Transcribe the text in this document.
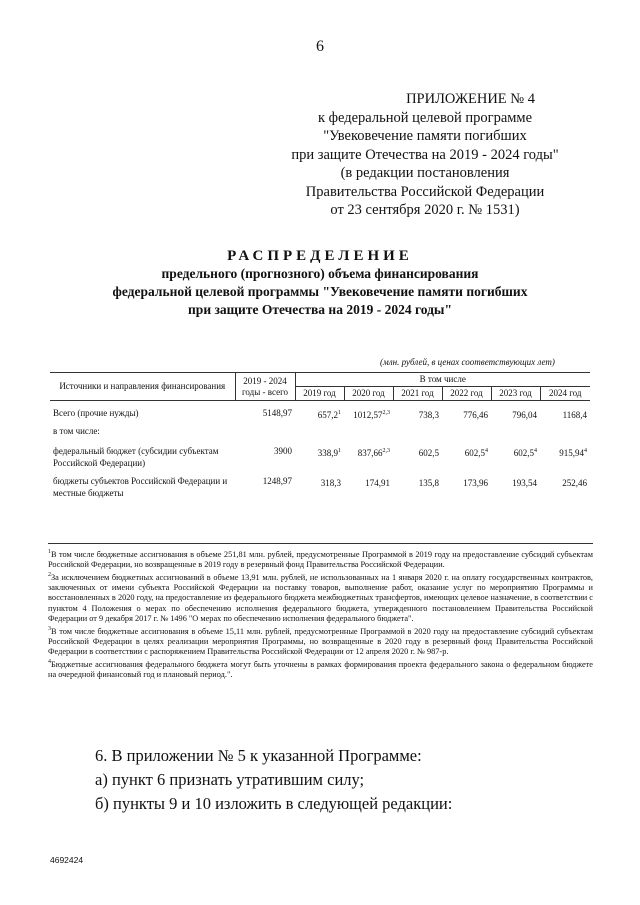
6
ПРИЛОЖЕНИЕ № 4
к федеральной целевой программе
"Увековечение памяти погибших
при защите Отечества на 2019 - 2024 годы"
(в редакции постановления
Правительства Российской Федерации
от 23 сентября 2020 г. № 1531)
РАСПРЕДЕЛЕНИЕ
предельного (прогнозного) объема финансирования
федеральной целевой программы "Увековечение памяти погибших
при защите Отечества на 2019 - 2024 годы"
(млн. рублей, в ценах соответствующих лет)
Источники и направления финансирования	2019 - 2024 годы - всего	В том числе					
		2019 год	2020 год	2021 год	2022 год	2023 год	2024 год
Всего (прочие нужды)	5148,97	657,2$^1$	1012,57$^{2,3}$	738,3	776,46	796,04	1168,4
в том числе:							
федеральный бюджет (субсидии субъектам Российской Федерации)	3900	338,9$^1$	837,66$^{2,3}$	602,5	602,5$^4$	602,5$^4$	915,94$^4$
бюджеты субъектов Российской Федерации и местные бюджеты	1248,97	318,3	174,91	135,8	173,96	193,54	252,46

$^1$В том числе бюджетные ассигнования в объеме 251,81 млн. рублей, предусмотренные Программой в 2019 году на предоставление субсидий субъектам Российской Федерации, но возвращенные в 2019 году в резервный фонд Правительства Российской Федерации.

$^2$За исключением бюджетных ассигнований в объеме 13,91 млн. рублей, не использованных на 1 января 2020 г. на оплату государственных контрактов, заключенных от имени субъекта Российской Федерации на поставку товаров, выполнение работ, оказание услуг по мероприятию Программы и восстановленных в 2020 году, на предоставление из федерального бюджета межбюджетных трансфертов, имеющих целевое назначение, в соответствии с пунктом 4 Положения о мерах по обеспечению исполнения федерального бюджета, утвержденного постановлением Правительства Российской Федерации от 9 декабря 2017 г. № 1496 "О мерах по обеспечению исполнения федерального бюджета".

$^3$В том числе бюджетные ассигнования в объеме 15,11 млн. рублей, предусмотренные Программой в 2020 году на предоставление субсидий субъектам Российской Федерации в целях реализации мероприятия Программы, но возвращенные в 2020 году в резервный фонд Правительства Российской Федерации в соответствии с распоряжением Правительства Российской Федерации от 12 апреля 2020 г. № 987-р.

$^4$Бюджетные ассигнования федерального бюджета могут быть уточнены в рамках формирования проекта федерального закона о федеральном бюджете на очередной финансовый год и плановый период.".

6. В приложении № 5 к указанной Программе:
а) пункт 6 признать утратившим силу;
б) пункты 9 и 10 изложить в следующей редакции:
4692424
